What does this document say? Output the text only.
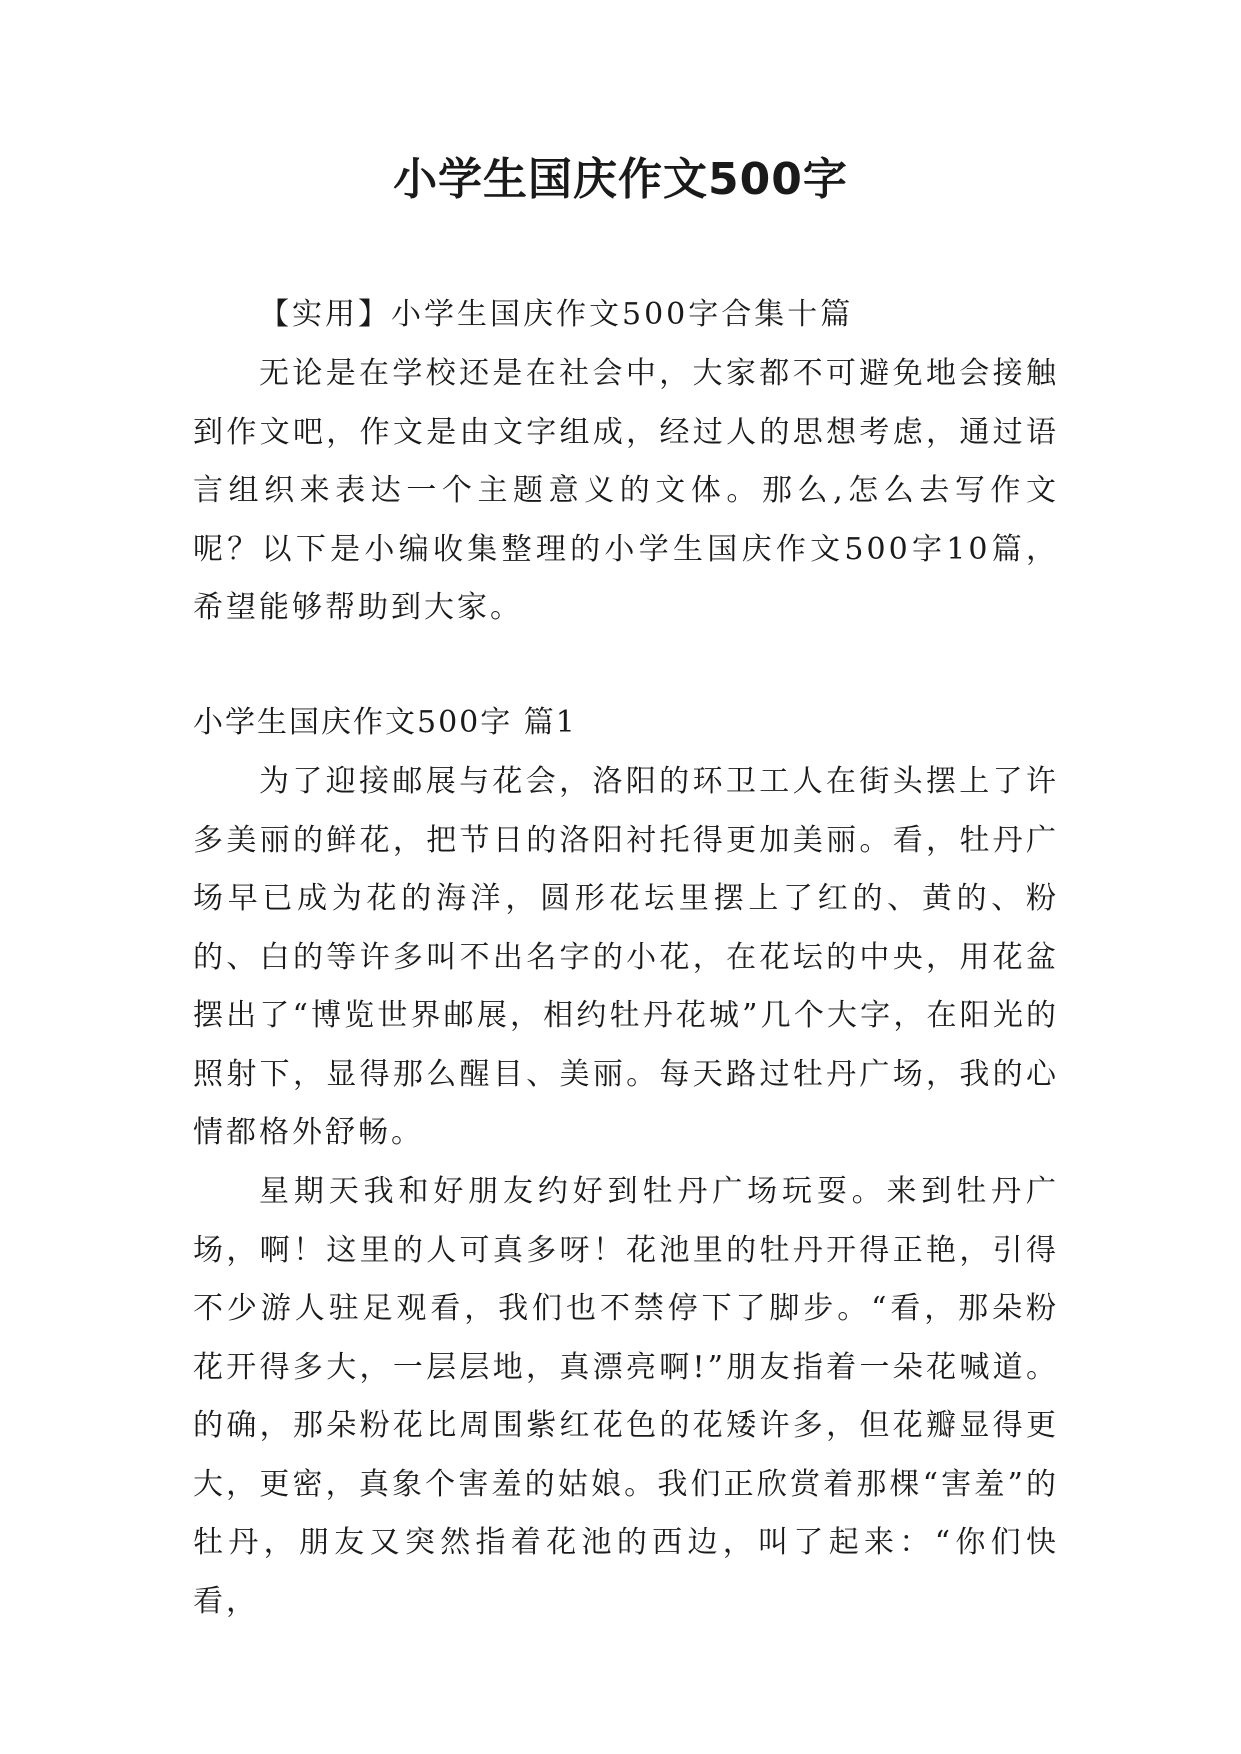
小学生国庆作文500字

【实用】小学生国庆作文500字合集十篇

无论是在学校还是在社会中，大家都不可避免地会接触到作文吧，作文是由文字组成，经过人的思想考虑，通过语言组织来表达一个主题意义的文体。那么,怎么去写作文呢？以下是小编收集整理的小学生国庆作文500字10篇，希望能够帮助到大家。

小学生国庆作文500字 篇1

为了迎接邮展与花会，洛阳的环卫工人在街头摆上了许多美丽的鲜花，把节日的洛阳衬托得更加美丽。看，牡丹广场早已成为花的海洋，圆形花坛里摆上了红的、黄的、粉的、白的等许多叫不出名字的小花，在花坛的中央，用花盆摆出了“博览世界邮展，相约牡丹花城”几个大字，在阳光的照射下，显得那么醒目、美丽。每天路过牡丹广场，我的心情都格外舒畅。

星期天我和好朋友约好到牡丹广场玩耍。来到牡丹广场，啊！这里的人可真多呀！花池里的牡丹开得正艳，引得不少游人驻足观看，我们也不禁停下了脚步。“看，那朵粉花开得多大，一层层地，真漂亮啊!”朋友指着一朵花喊道。的确，那朵粉花比周围紫红花色的花矮许多，但花瓣显得更大，更密，真象个害羞的姑娘。我们正欣赏着那棵“害羞”的牡丹，朋友又突然指着花池的西边，叫了起来：“你们快看，
